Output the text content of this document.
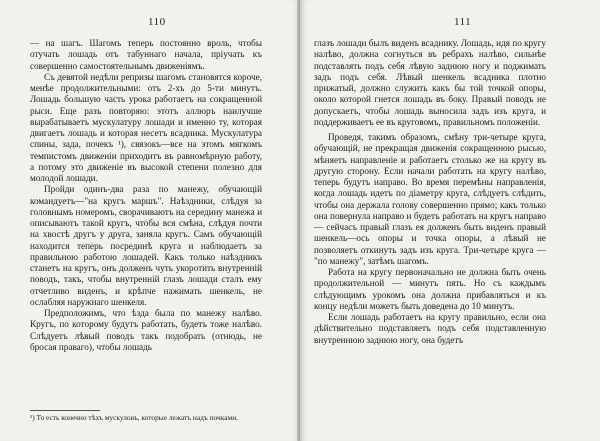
110	111

— на шагъ. Шагомъ теперь постоянно вроль, чтобы отучать лошадь отъ табуннаго начала, пріучать къ совершенно самостоятельнымъ движеніямъ.

Съ девятой недѣли репризы шагомъ становятся короче, менѣе продолжительными: отъ 2-хъ до 5-ти минутъ. Лошадь большую часть урока работаетъ на сокращенной рыси. Еще разъ повторяю: этотъ аллюръ наилучше вырабатываетъ мускулатуру лошади и именно ту, которая двигаетъ лошадь и которая несетъ всадника. Мускулатура спины, зада, почекъ ¹), связокъ—все на этомъ мягкомъ темпистомъ движеніи приходитъ въ равномѣрную работу, а потому это движеніе въ высокой степени полезно для молодой лошади.

Пройди одинъ-два раза по манежу, обучающій командуетъ—"на кругъ маршъ". Наѣздники, слѣдуя за головнымъ номеромъ, сворачиваютъ на середину манежа и описываютъ такой кругъ, чтобы вся смѣна, слѣдуя почти на хвостѣ другъ у друга, заняла кругъ. Самъ обучающій находится теперь посрединѣ круга и наблюдаетъ за правильною работою лошадей. Какъ только наѣздникъ станетъ на кругъ, онъ долженъ чуть укоротить внутренній поводъ, такъ, чтобы внутренній глазъ лошади сталъ ему отчетливо виденъ, и крѣпче нажимать шенкель, не ослабляя наружнаго шенкеля.

Предположимъ, что ѣзда была по манежу налѣво. Кругъ, по которому будутъ работать, будетъ тоже налѣво. Слѣдуетъ лѣвый поводъ такъ подобрать (отнюдь, не бросая праваго), чтобы лошадь

¹) То есть конечно тѣхъ мускуловъ, которые лежатъ надъ почками.

глазъ лошади былъ виденъ всаднику. Лошадь, идя по кругу налѣво, должна согнуться въ ребрахъ налѣво, сильнѣе подставлять подъ себя лѣвую заднюю ногу и поджимать задъ подъ себя. Лѣвый шенкель всадника плотно прижатый, должно служить какъ бы той точкой опоры, около которой гнется лошадь въ боку. Правый поводъ не допускаетъ, чтобы лошадь выносила задъ изъ круга, и поддерживаетъ ее въ круговомъ, правильномъ положеніи.

Проведя, такимъ образомъ, смѣну три-четыре круга, обучающій, не прекращая движенія сокращенною рысью, мѣняетъ направленіе и работаетъ столько же на кругу въ другую сторону. Если начали работать на кругу налѣво, теперь будутъ направо. Во время перемѣны направленія, когда лошадь идетъ по діаметру круга, слѣдуетъ слѣдить, чтобы она держала голову совершенно прямо; какъ только она повернула направо и будетъ работать на кругъ направо — сейчасъ правый глазъ ея долженъ быть виденъ правый шенкель—ось опоры и точка опоры, а лѣвый не позволяетъ откинуть задъ изъ круга. Три-четыре круга — "по манежу", затѣмъ шагомъ.

Работа на кругу первоначально не должна быть очень продолжительной — минутъ пять. Но съ каждымъ слѣдующимъ урокомъ она должна прибавляться и къ концу недѣли можетъ быть доведена до 10 минутъ.

Если лошадь работаетъ на кругу правильно, если она дѣйствительно подставляетъ подъ себя подставленную внутреннюю заднюю ногу, она будетъ
